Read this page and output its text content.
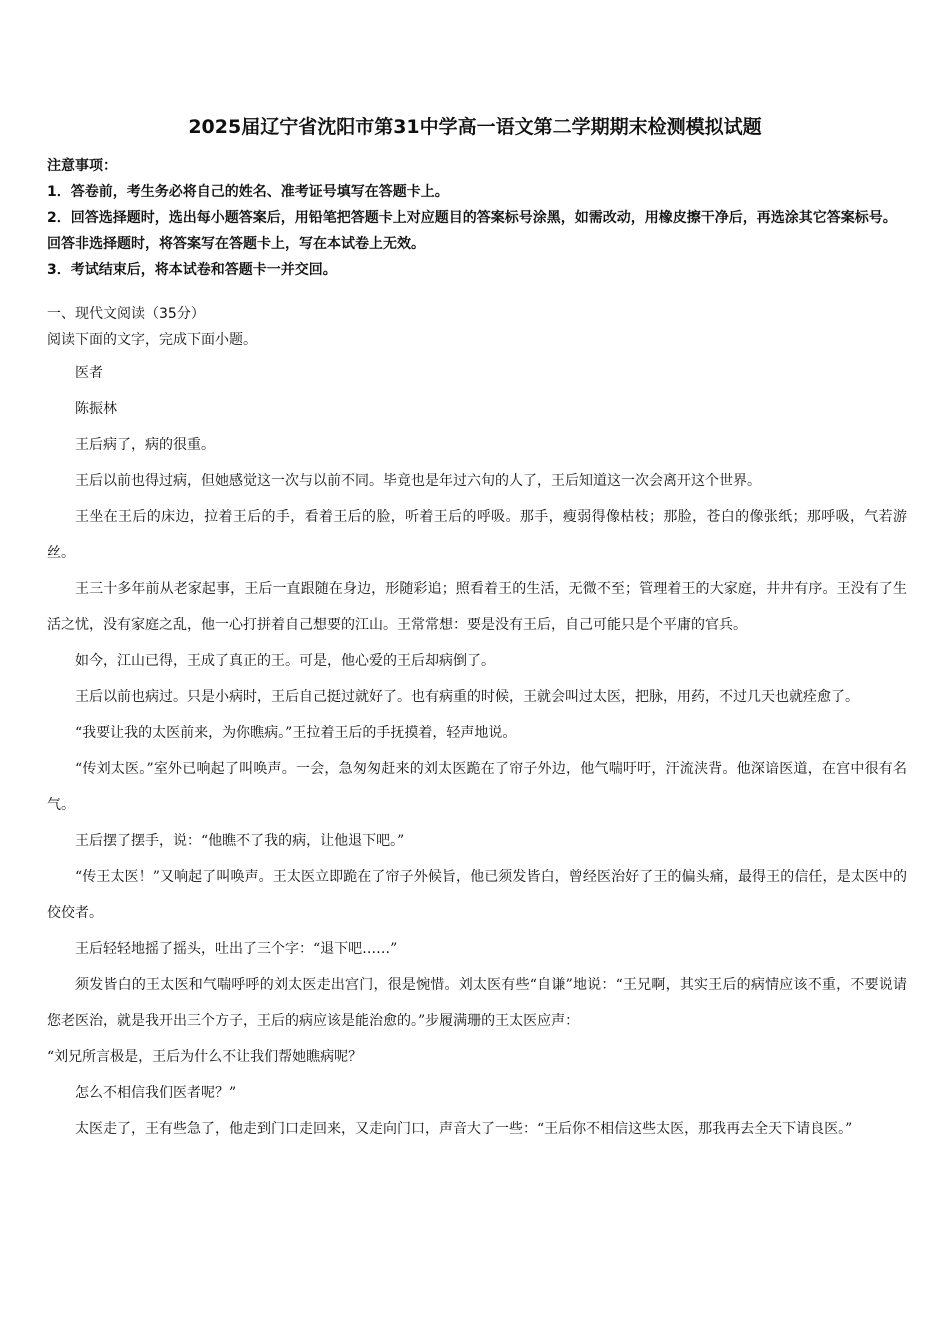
2025届辽宁省沈阳市第31中学高一语文第二学期期末检测模拟试题

注意事项：

1．答卷前，考生务必将自己的姓名、准考证号填写在答题卡上。

2．回答选择题时，选出每小题答案后，用铅笔把答题卡上对应题目的答案标号涂黑，如需改动，用橡皮擦干净后，再选涂其它答案标号。回答非选择题时，将答案写在答题卡上，写在本试卷上无效。

3．考试结束后，将本试卷和答题卡一并交回。

一、现代文阅读（35分）

阅读下面的文字，完成下面小题。

医者

陈振林

王后病了，病的很重。

王后以前也得过病，但她感觉这一次与以前不同。毕竟也是年过六旬的人了，王后知道这一次会离开这个世界。

王坐在王后的床边，拉着王后的手，看着王后的脸，听着王后的呼吸。那手，瘦弱得像枯枝；那脸，苍白的像张纸；那呼吸，气若游丝。

王三十多年前从老家起事，王后一直跟随在身边，形随彩追；照看着王的生活，无微不至；管理着王的大家庭，井井有序。王没有了生活之忧，没有家庭之乱，他一心打拼着自己想要的江山。王常常想：要是没有王后，自己可能只是个平庸的官兵。

如今，江山已得，王成了真正的王。可是，他心爱的王后却病倒了。

王后以前也病过。只是小病时，王后自己挺过就好了。也有病重的时候，王就会叫过太医，把脉，用药，不过几天也就痊愈了。

“我要让我的太医前来，为你瞧病。”王拉着王后的手抚摸着，轻声地说。

“传刘太医。”室外已响起了叫唤声。一会，急匆匆赶来的刘太医跪在了帘子外边，他气喘吁吁，汗流浃背。他深谙医道，在宫中很有名气。

王后摆了摆手，说：“他瞧不了我的病，让他退下吧。”

“传王太医！”又响起了叫唤声。王太医立即跪在了帘子外候旨，他已须发皆白，曾经医治好了王的偏头痛，最得王的信任，是太医中的佼佼者。

王后轻轻地摇了摇头，吐出了三个字：“退下吧……”

须发皆白的王太医和气喘呼呼的刘太医走出宫门，很是惋惜。刘太医有些“自谦”地说：“王兄啊，其实王后的病情应该不重，不要说请您老医治，就是我开出三个方子，王后的病应该是能治愈的。”步履满珊的王太医应声：

“刘兄所言极是，王后为什么不让我们帮她瞧病呢？

怎么不相信我们医者呢？”

太医走了，王有些急了，他走到门口走回来，又走向门口，声音大了一些：“王后你不相信这些太医，那我再去全天下请良医。”
